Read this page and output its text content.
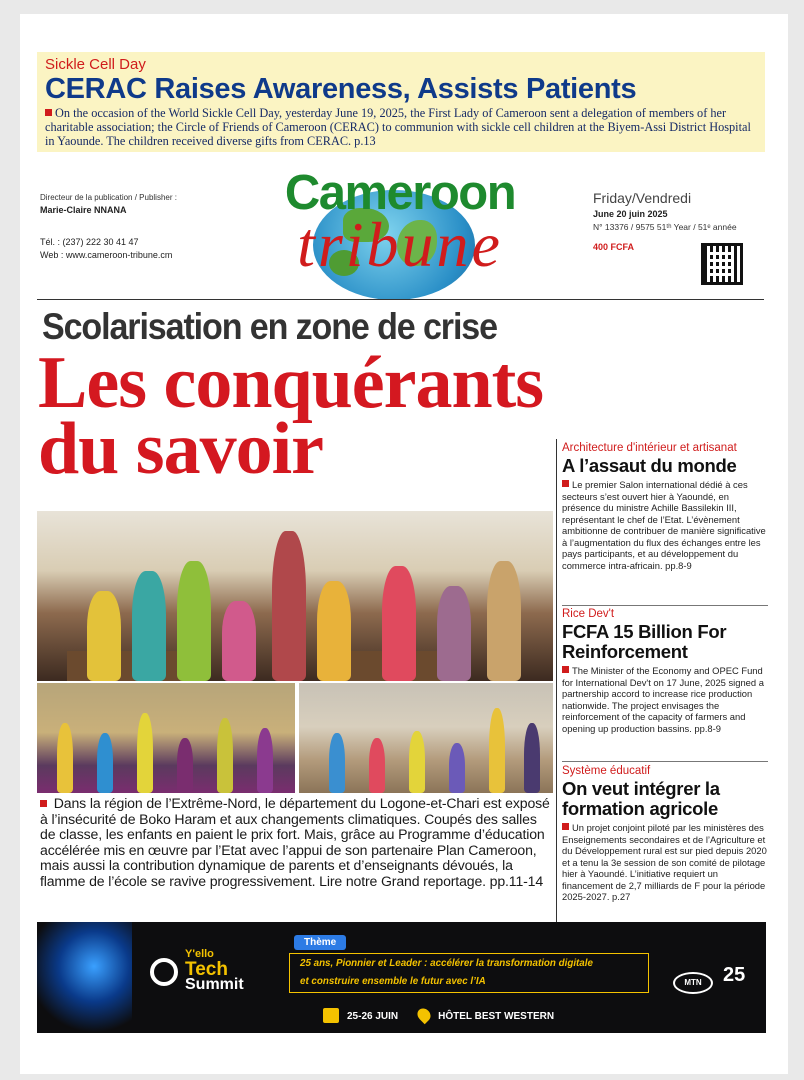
Sickle Cell Day
CERAC Raises Awareness, Assists Patients

On the occasion of the World Sickle Cell Day, yesterday June 19, 2025, the First Lady of Cameroon sent a delegation of members of her charitable association; the Circle of Friends of Cameroon (CERAC) to communion with sickle cell children at the Biyem-Assi District Hospital in Yaounde. The children received diverse gifts from CERAC. p.13

Directeur de la publication / Publisher :
Marie-Claire NNANA
Tél. : (237) 222 30 41 47
Web : www.cameroon-tribune.cm
Cameroon
tribune
Friday/Vendredi
June 20 juin 2025
N° 13376 / 9575 51ᵗʰ Year / 51ᵉ année
400 FCFA
Scolarisation en zone de crise
Les conquérants
du savoir
Dans la région de l’Extrême-Nord, le département du Logone-et-Chari est exposé à l’insécurité de Boko Haram et aux changements climatiques. Coupés des salles de classe, les enfants en paient le prix fort. Mais, grâce au Programme d’éducation accélérée mis en œuvre par l’Etat avec l’appui de son partenaire Plan Cameroon, mais aussi la contribution dynamique de parents et d’enseignants dévoués, la flamme de l’école se ravive progressivement. Lire notre Grand reportage. pp.11-14
Architecture d'intérieur et artisanat
A l’assaut du monde

Le premier Salon international dédié à ces secteurs s’est ouvert hier à Yaoundé, en présence du ministre Achille Bassilekin III, représentant le chef de l’Etat. L’évènement ambitionne de contribuer de manière significative à l’augmentation du flux des échanges entre les pays participants, et au développement du commerce intra-africain. pp.8-9

Rice Dev't
FCFA 15 Billion For Reinforcement

The Minister of the Economy and OPEC Fund for International Dev't on 17 June, 2025 signed a partnership accord to increase rice production nationwide. The project envisages the reinforcement of the capacity of farmers and opening up production bassins. pp.8-9

Système éducatif
On veut intégrer la formation agricole

Un projet conjoint piloté par les ministères des Enseignements secondaires et de l’Agriculture et du Développement rural est sur pied depuis 2020 et a tenu la 3e session de son comité de pilotage hier à Yaoundé. L’initiative requiert un financement de 2,7 milliards de F pour la période 2025-2027. p.27

Y'ello
Tech
Summit
Thème
25 ans, Pionnier et Leader : accélérer la transformation digitale
et construire ensemble le futur avec l’IA
25-26 JUIN	HÔTEL BEST WESTERN
MTN	25
